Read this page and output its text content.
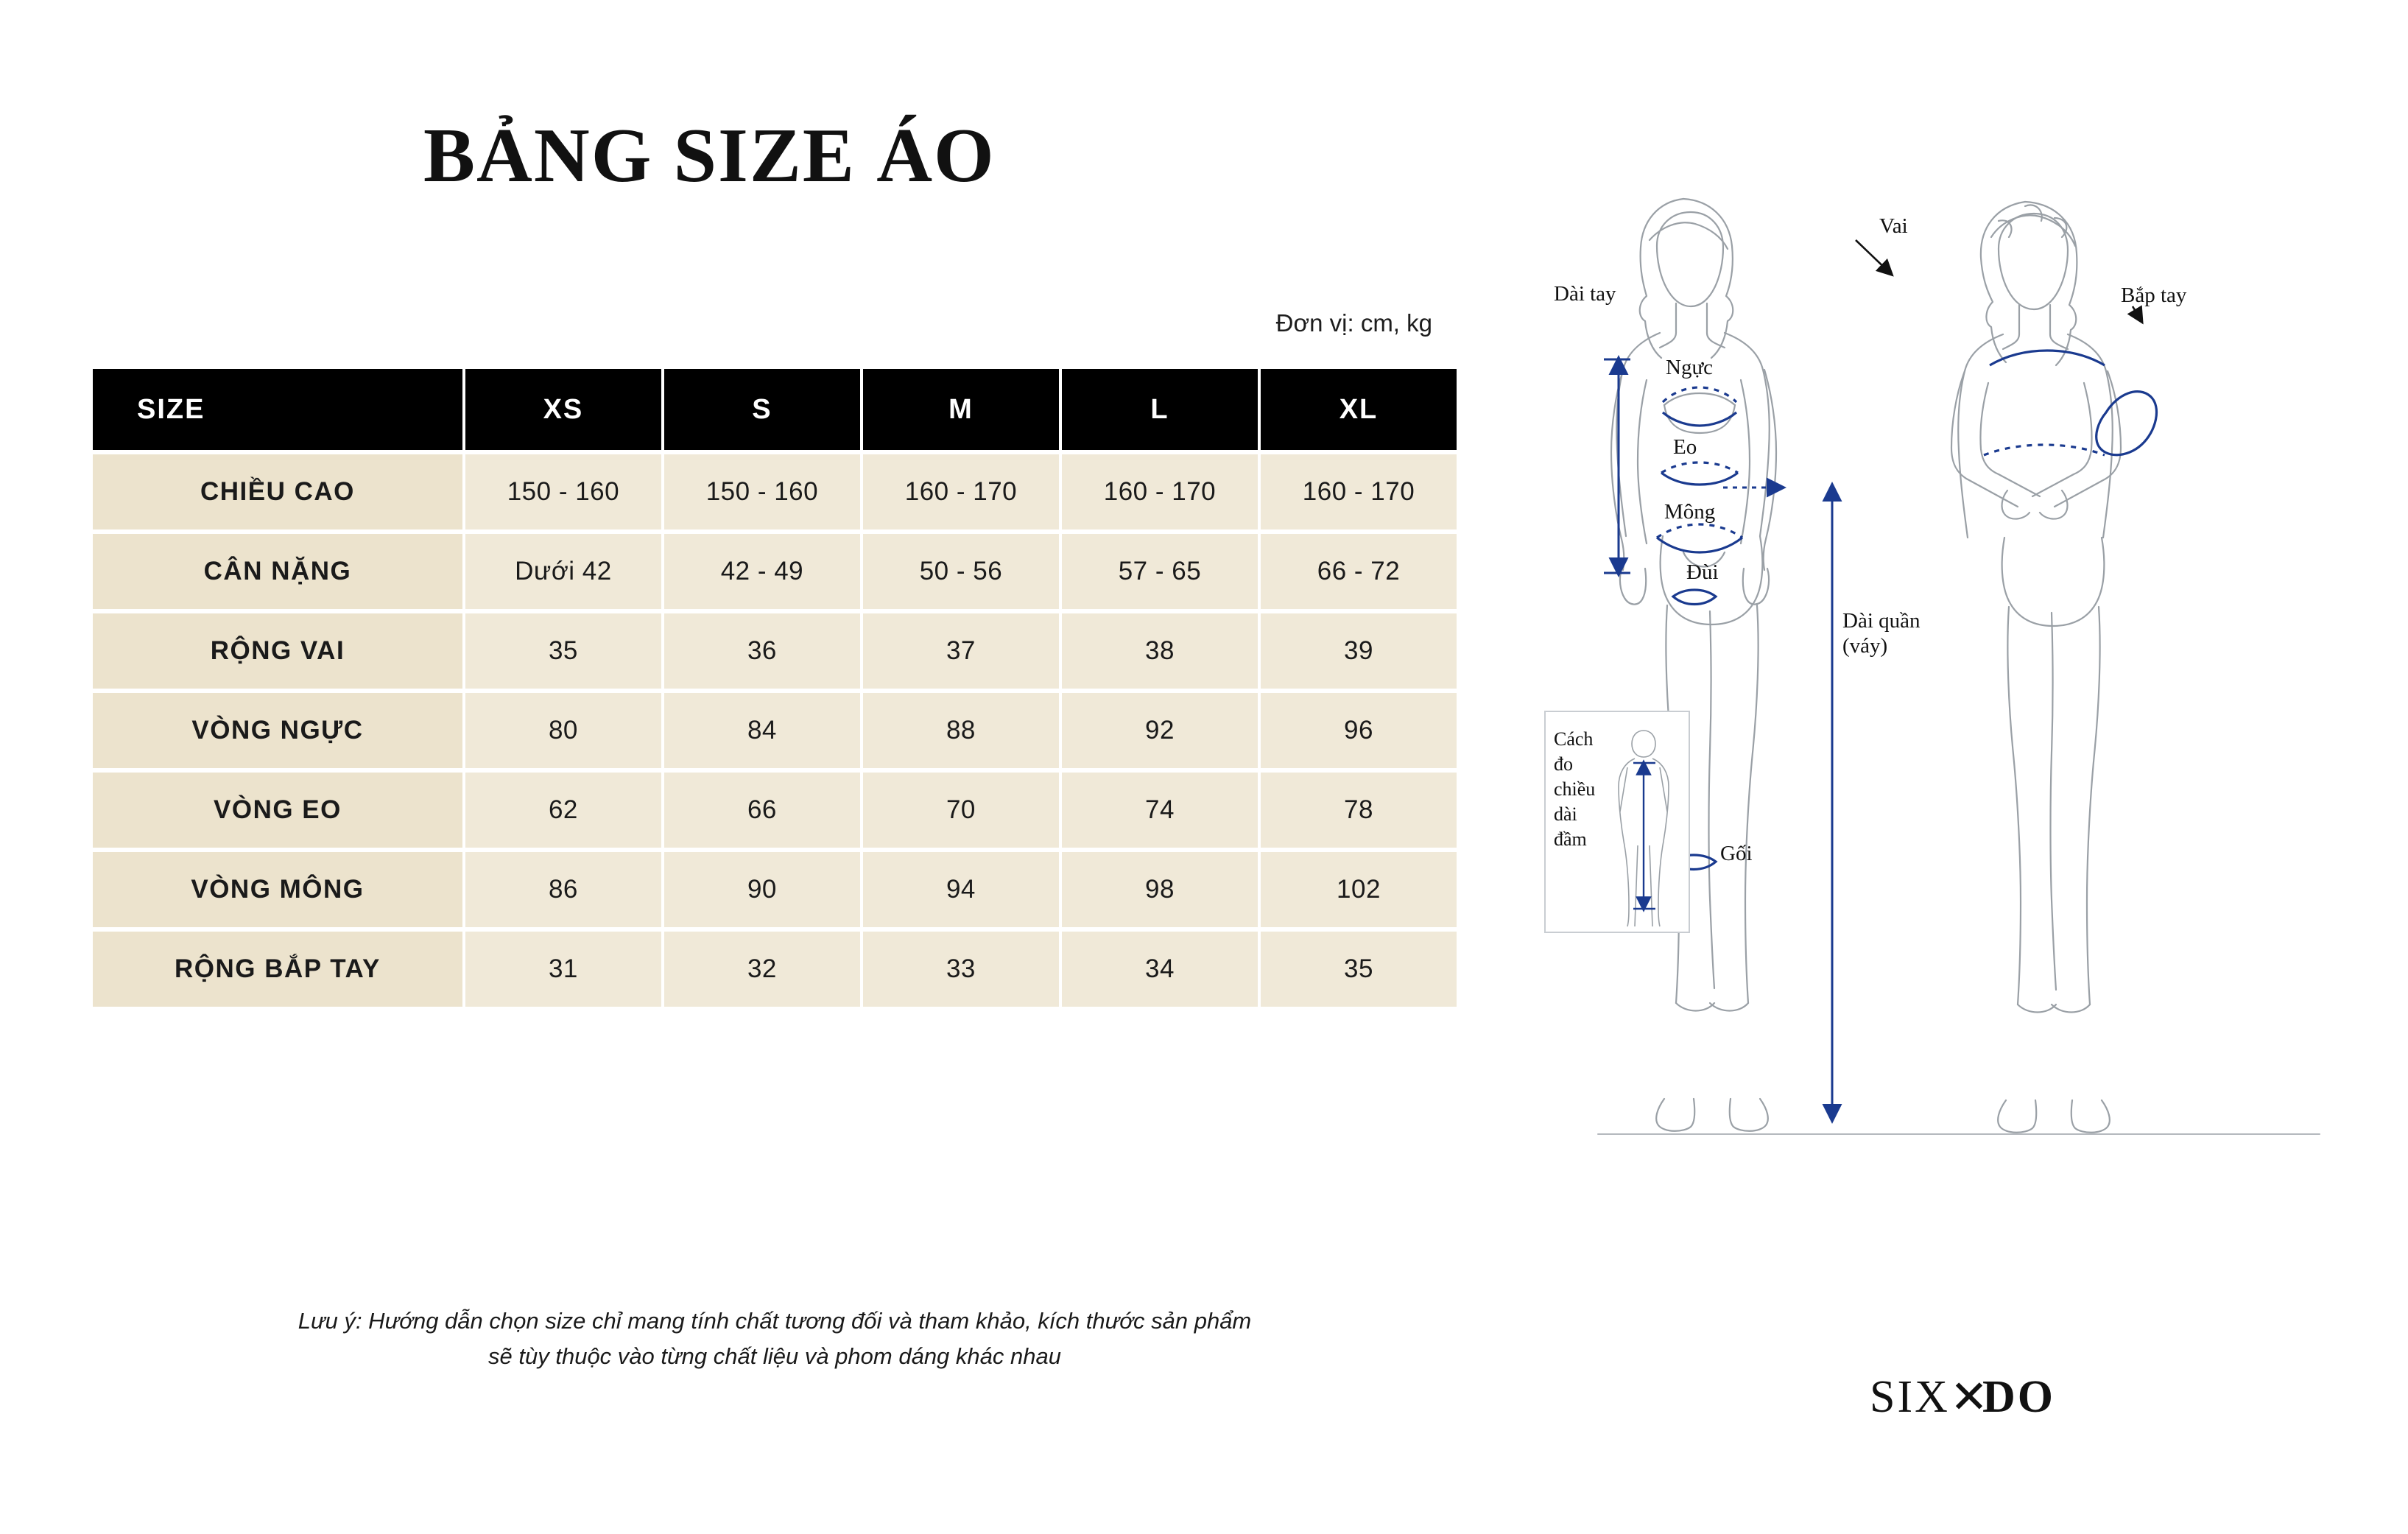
BẢNG SIZE ÁO
Đơn vị: cm, kg
SIZE	XS	S	M	L	XL
CHIỀU CAO	150 - 160	150 - 160	160 - 170	160 - 170	160 - 170
CÂN NẶNG	Dưới 42	42 - 49	50 - 56	57 - 65	66 - 72
RỘNG VAI	35	36	37	38	39
VÒNG NGỰC	80	84	88	92	96
VÒNG EO	62	66	70	74	78
VÒNG MÔNG	86	90	94	98	102
RỘNG BẮP TAY	31	32	33	34	35
Lưu ý: Hướng dẫn chọn size chỉ mang tính chất tương đối và tham khảo, kích thước sản phẩm
sẽ tùy thuộc vào từng chất liệu và phom dáng khác nhau
Dài tay
Ngực
Eo
Mông
Đùi
Gối
Vai
Bắp tay
Dài quần
(váy)
Cách
đo
chiều
dài
đầm
SIX ✕
DO
